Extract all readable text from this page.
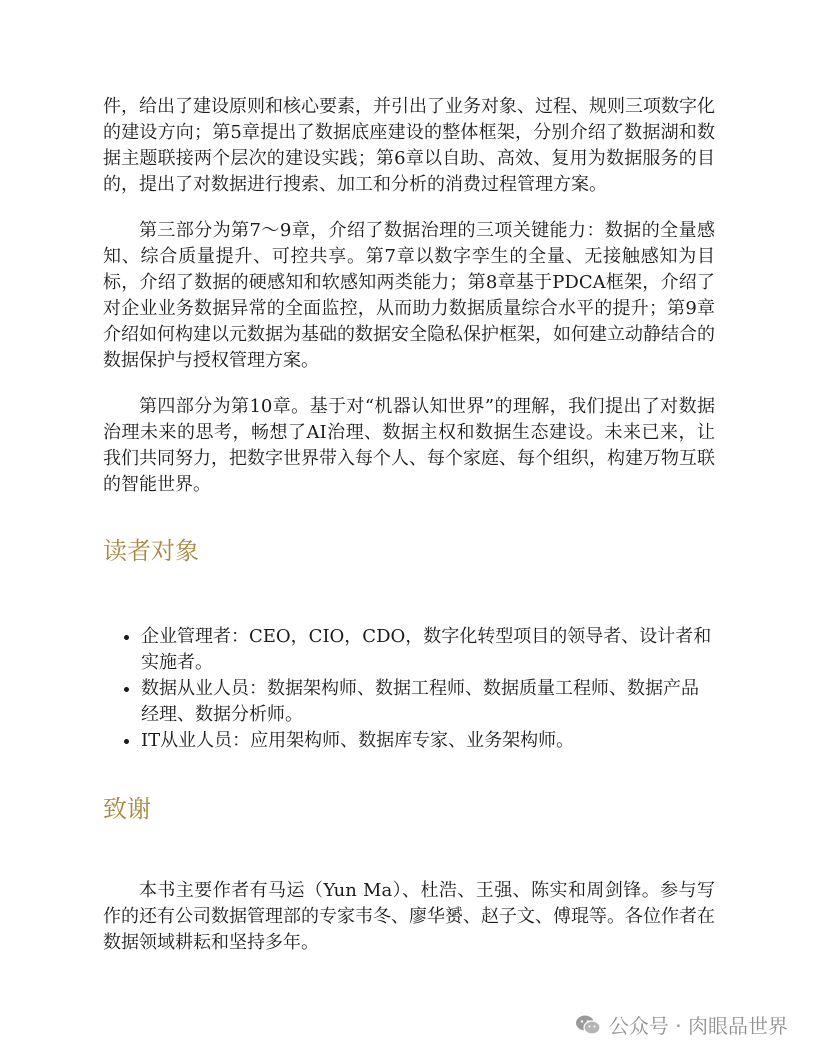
件，给出了建设原则和核心要素，并引出了业务对象、过程、规则三项数字化的建设方向；第5章提出了数据底座建设的整体框架，分别介绍了数据湖和数据主题联接两个层次的建设实践；第6章以自助、高效、复用为数据服务的目的，提出了对数据进行搜索、加工和分析的消费过程管理方案。

第三部分为第7～9章，介绍了数据治理的三项关键能力：数据的全量感知、综合质量提升、可控共享。第7章以数字孪生的全量、无接触感知为目标，介绍了数据的硬感知和软感知两类能力；第8章基于PDCA框架，介绍了对企业业务数据异常的全面监控，从而助力数据质量综合水平的提升；第9章介绍如何构建以元数据为基础的数据安全隐私保护框架，如何建立动静结合的数据保护与授权管理方案。

第四部分为第10章。基于对“机器认知世界”的理解，我们提出了对数据治理未来的思考，畅想了AI治理、数据主权和数据生态建设。未来已来，让我们共同努力，把数字世界带入每个人、每个家庭、每个组织，构建万物互联的智能世界。

读者对象
• 企业管理者：CEO，CIO，CDO，数字化转型项目的领导者、设计者和实施者。
• 数据从业人员：数据架构师、数据工程师、数据质量工程师、数据产品经理、数据分析师。
• IT从业人员：应用架构师、数据库专家、业务架构师。
致谢

本书主要作者有马运（Yun Ma）、杜浩、王强、陈实和周剑锋。参与写作的还有公司数据管理部的专家韦冬、廖华赟、赵子文、傅琨等。各位作者在数据领域耕耘和坚持多年。

公众号 · 肉眼品世界
